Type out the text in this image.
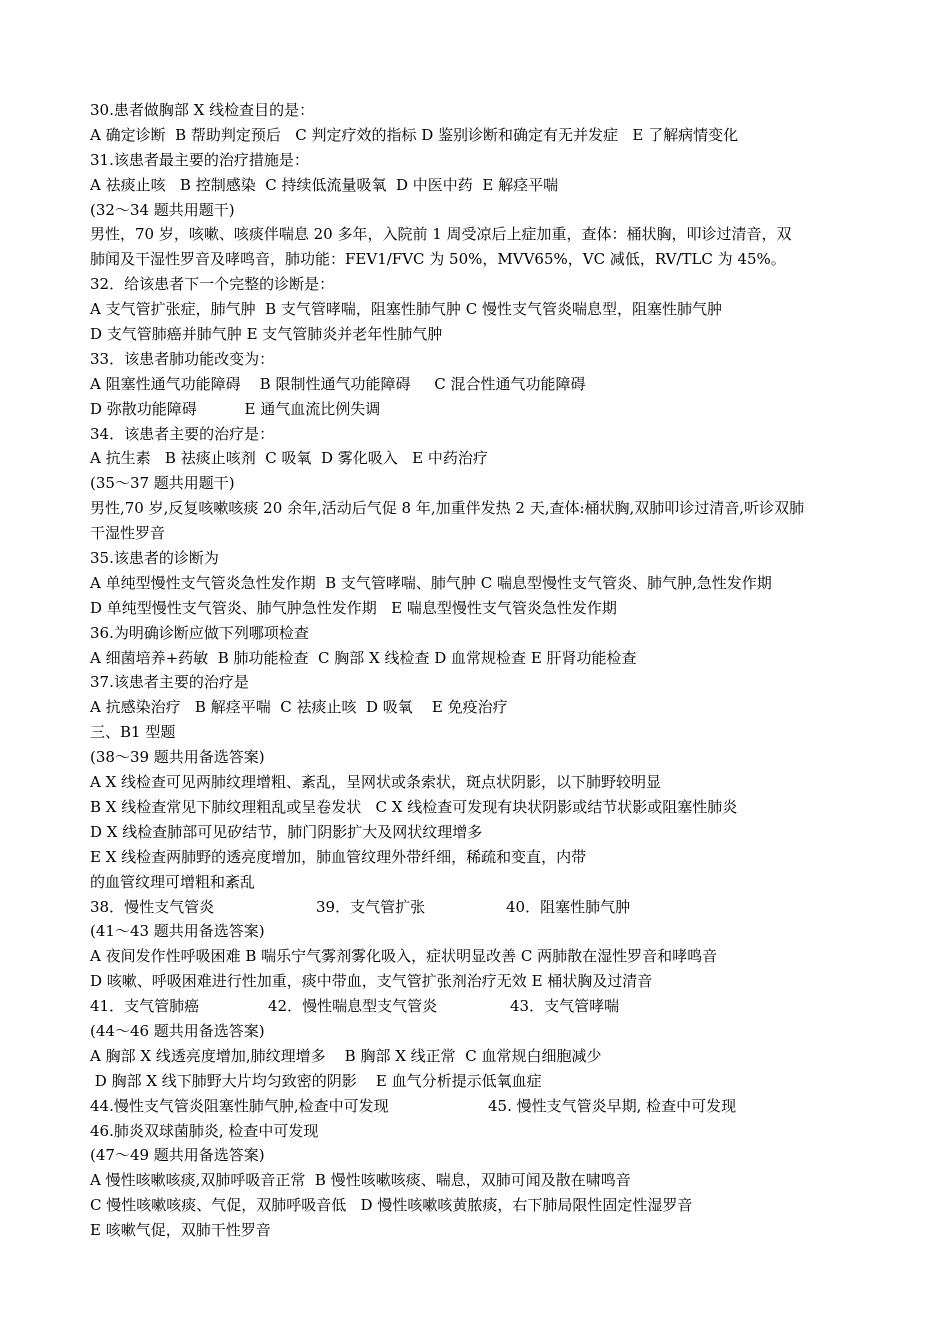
30.患者做胸部 X 线检查目的是：
A 确定诊断  B 帮助判定预后   C 判定疗效的指标 D 鉴别诊断和确定有无并发症   E 了解病情变化
31.该患者最主要的治疗措施是：
A 祛痰止咳   B 控制感染  C 持续低流量吸氧  D 中医中药  E 解痉平喘
(32～34 题共用题干)
男性，70 岁，咳嗽、咳痰伴喘息 20 多年，入院前 1 周受凉后上症加重，查体：桶状胸，叩诊过清音，双
肺闻及干湿性罗音及哮鸣音，肺功能：FEV1/FVC 为 50%，MVV65%，VC 减低，RV/TLC 为 45%。
32．给该患者下一个完整的诊断是：
A 支气管扩张症，肺气肿  B 支气管哮喘，阻塞性肺气肿 C 慢性支气管炎喘息型，阻塞性肺气肿
D 支气管肺癌并肺气肿 E 支气管肺炎并老年性肺气肿
33．该患者肺功能改变为：
A 阻塞性通气功能障碍    B 限制性通气功能障碍     C 混合性通气功能障碍
D 弥散功能障碍          E 通气血流比例失调
34．该患者主要的治疗是：
A 抗生素   B 祛痰止咳剂  C 吸氧  D 雾化吸入   E 中药治疗
(35～37 题共用题干)
男性,70 岁,反复咳嗽咳痰 20 余年,活动后气促 8 年,加重伴发热 2 天,查体:桶状胸,双肺叩诊过清音,听诊双肺
干湿性罗音
35.该患者的诊断为
A 单纯型慢性支气管炎急性发作期  B 支气管哮喘、肺气肿 C 喘息型慢性支气管炎、肺气肿,急性发作期
D 单纯型慢性支气管炎、肺气肿急性发作期   E 喘息型慢性支气管炎急性发作期
36.为明确诊断应做下列哪项检查
A 细菌培养+药敏  B 肺功能检查  C 胸部 X 线检查 D 血常规检查 E 肝肾功能检查
37.该患者主要的治疗是
A 抗感染治疗   B 解痉平喘  C 祛痰止咳  D 吸氧    E 免疫治疗
三、B1 型题
(38～39 题共用备选答案)
A X 线检查可见两肺纹理增粗、紊乱，呈网状或条索状，斑点状阴影，以下肺野较明显
B X 线检查常见下肺纹理粗乱或呈卷发状   C X 线检查可发现有块状阴影或结节状影或阻塞性肺炎
D X 线检查肺部可见矽结节，肺门阴影扩大及网状纹理增多
E X 线检查两肺野的透亮度增加，肺血管纹理外带纤细，稀疏和变直，内带
的血管纹理可增粗和紊乱
38．慢性支气管炎	39．支气管扩张	40．阻塞性肺气肿
(41～43 题共用备选答案)
A 夜间发作性呼吸困难 B 喘乐宁气雾剂雾化吸入，症状明显改善 C 两肺散在湿性罗音和哮鸣音
D 咳嗽、呼吸困难进行性加重，痰中带血，支气管扩张剂治疗无效 E 桶状胸及过清音
41．支气管肺癌	42．慢性喘息型支气管炎	43．支气管哮喘
(44～46 题共用备选答案)
A 胸部 X 线透亮度增加,肺纹理增多    B 胸部 X 线正常  C 血常规白细胞减少
D 胸部 X 线下肺野大片均匀致密的阴影    E 血气分析提示低氧血症
44.慢性支气管炎阻塞性肺气肿,检查中可发现	45. 慢性支气管炎早期, 检查中可发现
46.肺炎双球菌肺炎, 检查中可发现
(47～49 题共用备选答案)
A 慢性咳嗽咳痰,双肺呼吸音正常  B 慢性咳嗽咳痰、喘息，双肺可闻及散在啸鸣音
C 慢性咳嗽咳痰、气促，双肺呼吸音低   D 慢性咳嗽咳黄脓痰，右下肺局限性固定性湿罗音
E 咳嗽气促，双肺干性罗音
